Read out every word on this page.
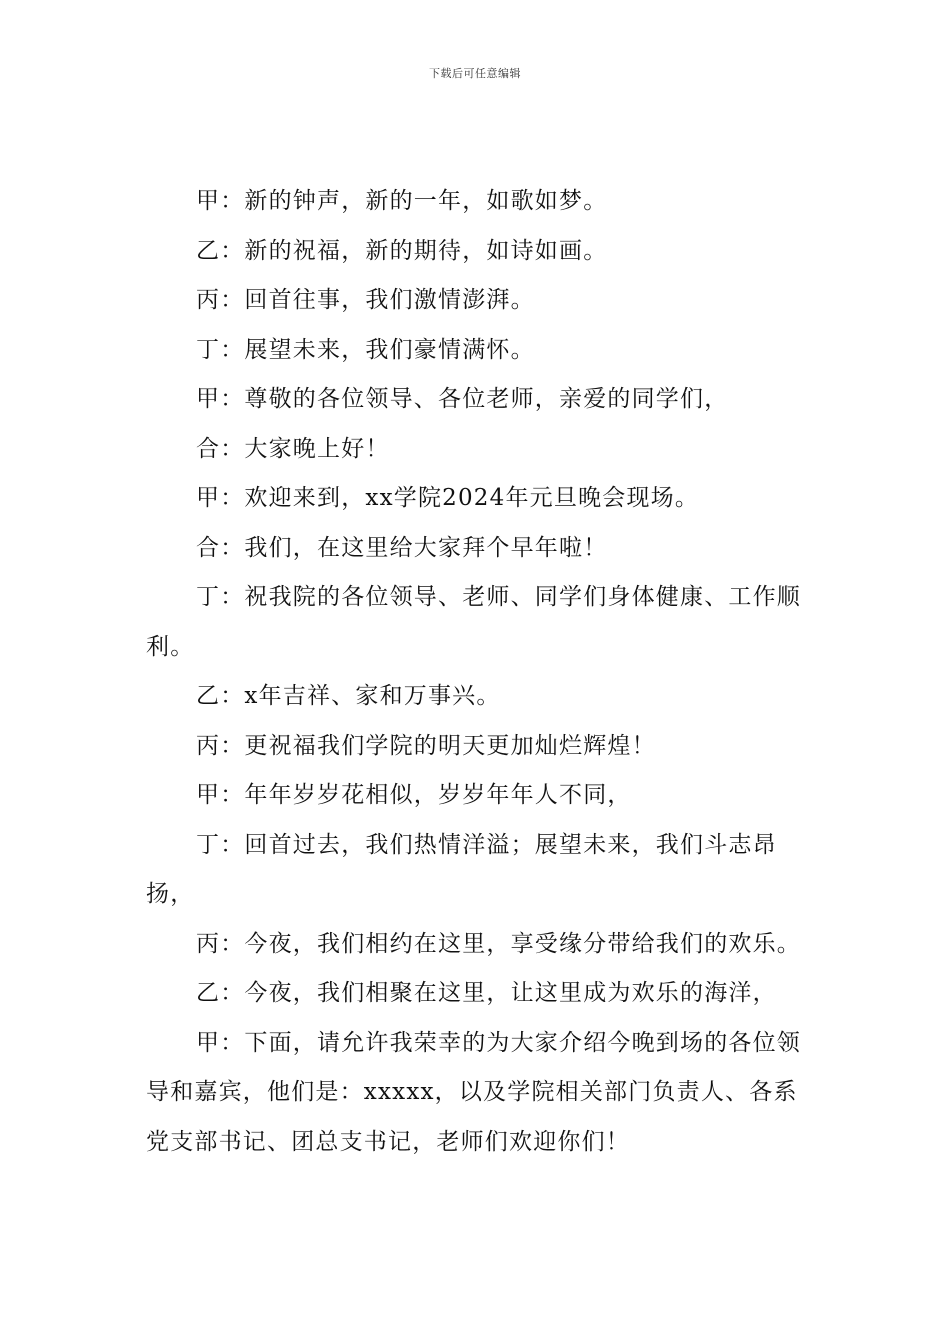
下载后可任意编辑

甲：新的钟声，新的一年，如歌如梦。

乙：新的祝福，新的期待，如诗如画。

丙：回首往事，我们激情澎湃。

丁：展望未来，我们豪情满怀。

甲：尊敬的各位领导、各位老师，亲爱的同学们，

合：大家晚上好！

甲：欢迎来到，xx学院2024年元旦晚会现场。

合：我们，在这里给大家拜个早年啦！

丁：祝我院的各位领导、老师、同学们身体健康、工作顺利。

乙：x年吉祥、家和万事兴。

丙：更祝福我们学院的明天更加灿烂辉煌！

甲：年年岁岁花相似，岁岁年年人不同，

丁：回首过去，我们热情洋溢；展望未来，我们斗志昂扬，

丙：今夜，我们相约在这里，享受缘分带给我们的欢乐。

乙：今夜，我们相聚在这里，让这里成为欢乐的海洋，

甲：下面，请允许我荣幸的为大家介绍今晚到场的各位领导和嘉宾，他们是：xxxxx，以及学院相关部门负责人、各系党支部书记、团总支书记，老师们欢迎你们！
